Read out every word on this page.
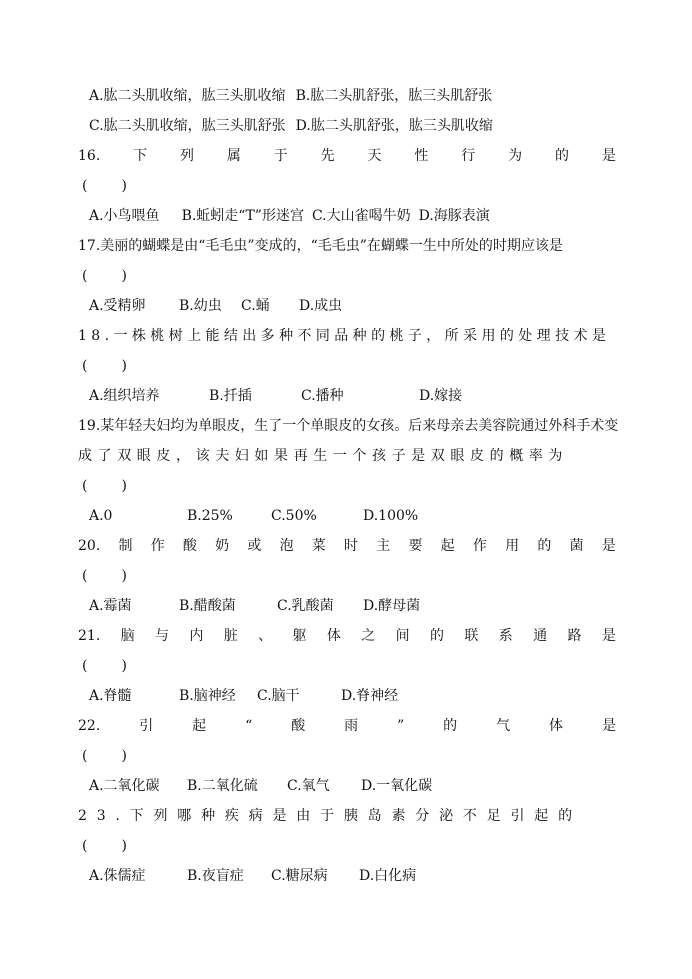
A.肱二头肌收缩，肱三头肌收缩 B.肱二头肌舒张，肱三头肌舒张
C.肱二头肌收缩，肱三头肌舒张 D.肱二头肌舒张，肱三头肌收缩
16. 下 列 属 于 先 天 性 行 为 的 是
(　　)
A.小鸟喂鱼 B.蚯蚓走“T”形迷宫 C.大山雀喝牛奶 D.海豚表演
17.美丽的蝴蝶是由“毛毛虫”变成的，“毛毛虫”在蝴蝶一生中所处的时期应该是
(　　)
A.受精卵	B.幼虫	C.蛹	D.成虫
18.一株桃树上能结出多种不同品种的桃子，所采用的处理技术是
(　　)
A.组织培养	B.扦插	C.播种	D.嫁接
19.某年轻夫妇均为单眼皮，生了一个单眼皮的女孩。后来母亲去美容院通过外科手术变
成了双眼皮，该夫妇如果再生一个孩子是双眼皮的概率为
(　　)
A.0	B.25%	C.50%	D.100%
20. 制 作 酸 奶 或 泡 菜 时 主 要 起 作 用 的 菌 是
(　　)
A.霉菌	B.醋酸菌	C.乳酸菌	D.酵母菌
21. 脑 与 内 脏 、 躯 体 之 间 的 联 系 通 路 是
(　　)
A.脊髓	B.脑神经	C.脑干	D.脊神经
22.	引	起	“	酸	雨	”	的	气	体	是
(　　)
A.二氧化碳	B.二氧化硫	C.氧气	D.一氧化碳
23.下列哪种疾病是由于胰岛素分泌不足引起的
(　　)
A.侏儒症	B.夜盲症	C.糖尿病	D.白化病
